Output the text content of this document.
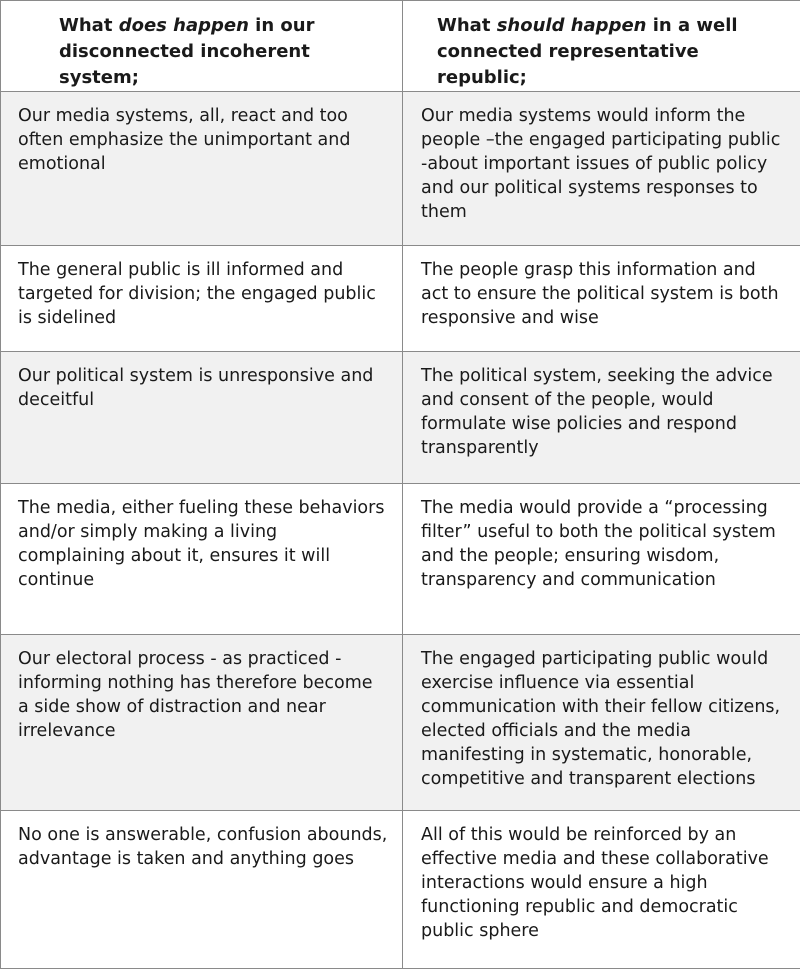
What does happen in our disconnected incoherent system;	What should happen in a well connected representative republic;

Our media systems, all, react and too often emphasize the unimportant and emotional	Our media systems would inform the people –the engaged participating public -about important issues of public policy and our political systems responses to them

The general public is ill informed and targeted for division; the engaged public is sidelined	The people grasp this information and act to ensure the political system is both responsive and wise

Our political system is unresponsive and deceitful	The political system, seeking the advice and consent of the people, would formulate wise policies and respond transparently

The media, either fueling these behaviors and/or simply making a living complaining about it, ensures it will continue	The media would provide a “processing filter” useful to both the political system and the people; ensuring wisdom, transparency and communication

Our electoral process - as practiced - informing nothing has therefore become a side show of distraction and near irrelevance	The engaged participating public would exercise influence via essential communication with their fellow citizens, elected officials and the media manifesting in systematic, honorable, competitive and transparent elections

No one is answerable, confusion abounds, advantage is taken and anything goes	All of this would be reinforced by an effective media and these collaborative interactions would ensure a high functioning republic and democratic public sphere
